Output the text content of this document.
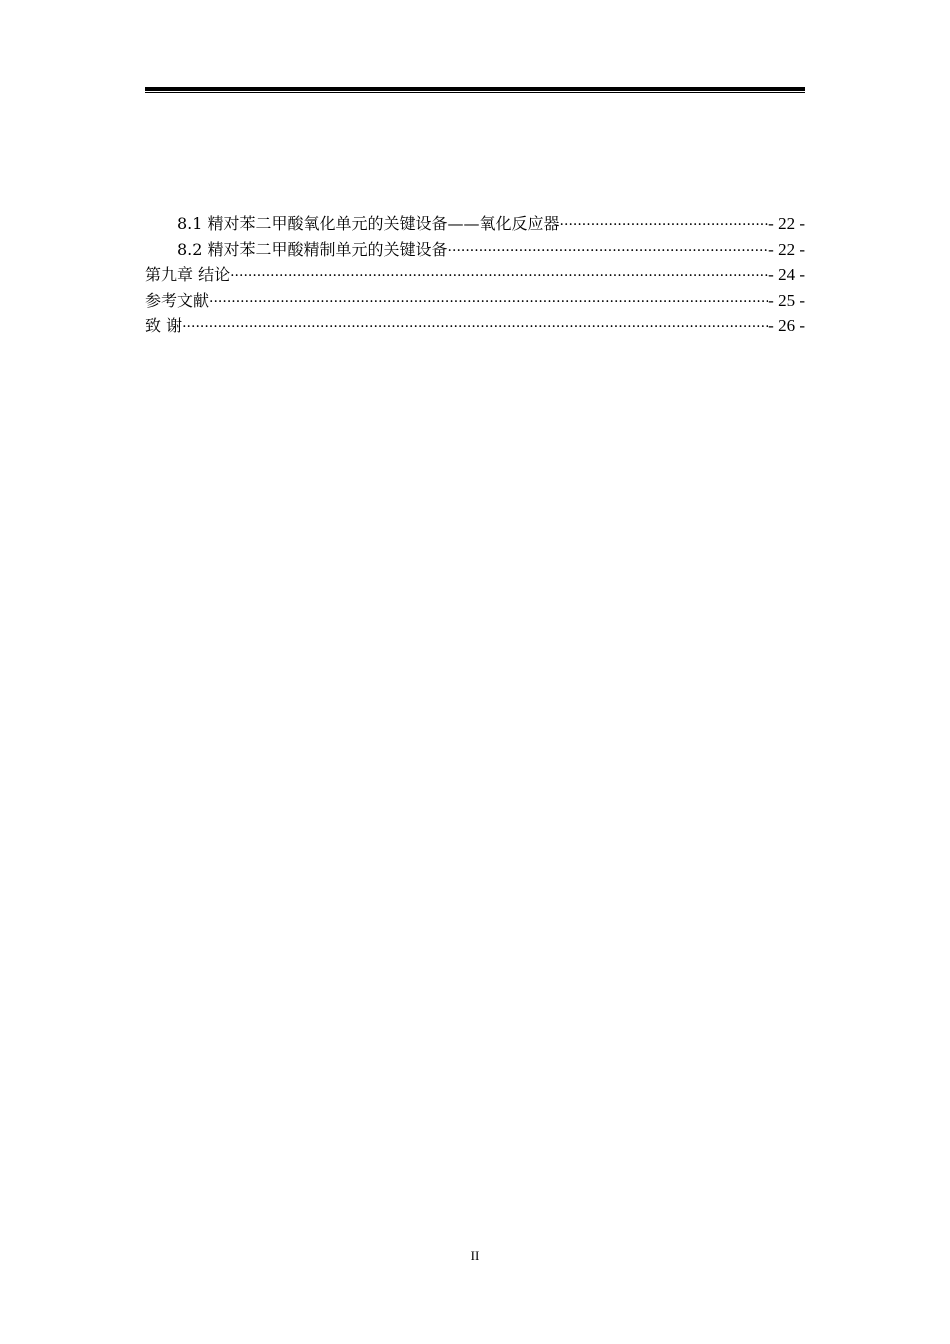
8.1 精对苯二甲酸氧化单元的关键设备——氧化反应器 ·····	- 22 -
8.2 精对苯二甲酸精制单元的关键设备 ·····	- 22 -
第九章 结论 ·····	- 24 -
参考文献 ·····	- 25 -
致 谢 ·····	- 26 -
II
